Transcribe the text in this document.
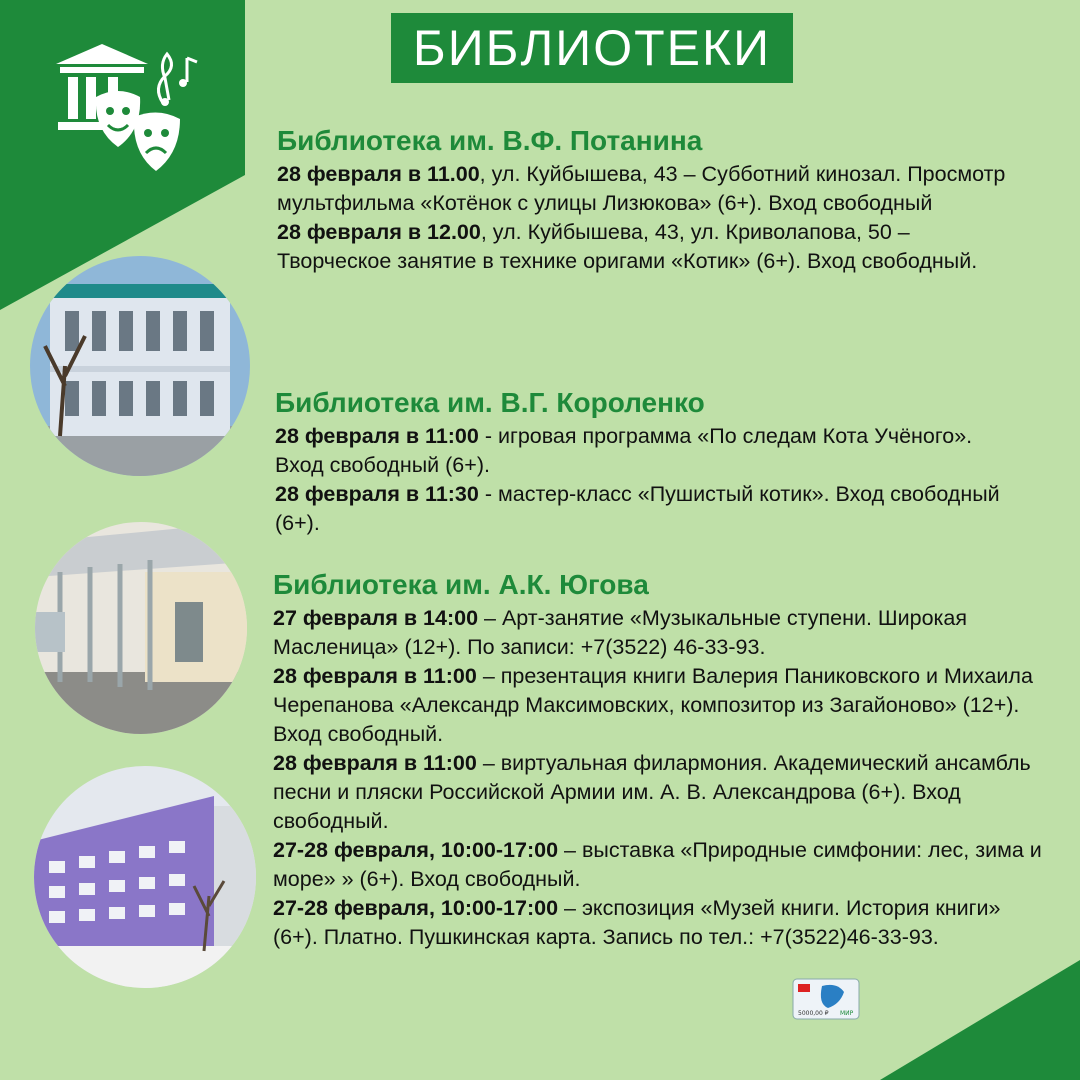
БИБЛИОТЕКИ
Библиотека им. В.Ф. Потанина

28 февраля в 11.00, ул. Куйбышева, 43 – Субботний кинозал. Просмотр мультфильма «Котёнок с улицы Лизюкова» (6+). Вход свободный

28 февраля в 12.00, ул. Куйбышева, 43, ул. Криволапова, 50 – Творческое занятие в технике оригами «Котик» (6+). Вход свободный.

Библиотека им. В.Г. Короленко

28 февраля в 11:00 - игровая программа «По следам Кота Учёного». Вход свободный (6+).

28 февраля в 11:30 - мастер-класс «Пушистый котик». Вход свободный (6+).

Библиотека им. А.К. Югова

27 февраля в 14:00 – Арт-занятие «Музыкальные ступени. Широкая Масленица» (12+). По записи: +7(3522) 46-33-93.

28 февраля в 11:00 – презентация книги Валерия Паниковского и Михаила Черепанова «Александр Максимовских, композитор из Загайоново» (12+). Вход свободный.

28 февраля в 11:00 – виртуальная филармония. Академический ансамбль песни и пляски Российской Армии им. А. В. Александрова (6+). Вход свободный.

27-28 февраля, 10:00-17:00 – выставка «Природные симфонии: лес, зима и море» » (6+). Вход свободный.

27-28 февраля, 10:00-17:00 – экспозиция «Музей книги. История книги» (6+). Платно. Пушкинская карта. Запись по тел.: +7(3522)46-33-93.

5000,00 ₽ МИР
